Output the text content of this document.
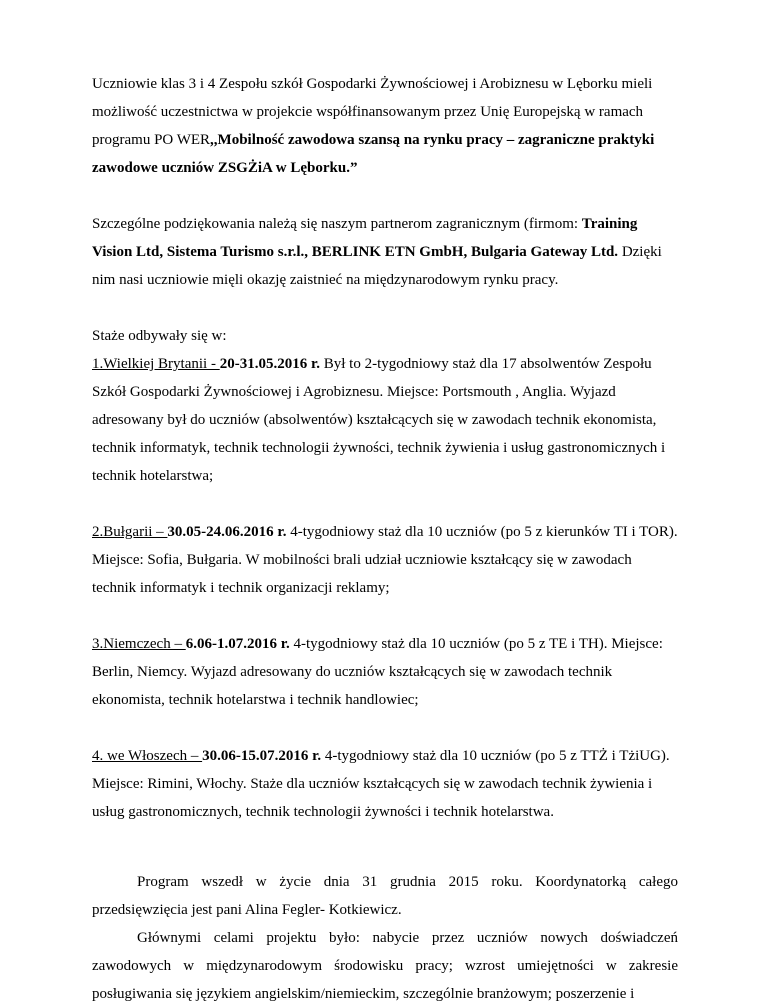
Uczniowie klas 3 i 4 Zespołu szkół Gospodarki Żywnościowej i Arobiznesu w Lęborku mieli możliwość uczestnictwa w projekcie współfinansowanym przez Unię Europejską w ramach programu PO WER,,Mobilność zawodowa szansą na rynku pracy – zagraniczne praktyki zawodowe uczniów ZSGŻiA w Lęborku.”

Szczególne podziękowania należą się naszym partnerom zagranicznym (firmom: Training Vision Ltd, Sistema Turismo s.r.l., BERLINK ETN GmbH, Bulgaria Gateway Ltd. Dzięki nim nasi uczniowie mięli okazję zaistnieć na międzynarodowym rynku pracy.

Staże odbywały się w:

1.Wielkiej Brytanii - 20-31.05.2016 r. Był to 2-tygodniowy staż dla 17 absolwentów Zespołu Szkół Gospodarki Żywnościowej i Agrobiznesu. Miejsce: Portsmouth , Anglia. Wyjazd adresowany był do uczniów (absolwentów) kształcących się w zawodach technik ekonomista, technik informatyk, technik technologii żywności, technik żywienia i usług gastronomicznych i technik hotelarstwa;

2.Bułgarii – 30.05-24.06.2016 r. 4-tygodniowy staż dla 10 uczniów (po 5 z kierunków TI i TOR). Miejsce: Sofia, Bułgaria. W mobilności brali udział uczniowie kształcący się w zawodach technik informatyk i technik organizacji reklamy;

3.Niemczech – 6.06-1.07.2016 r. 4-tygodniowy staż dla 10 uczniów (po 5 z TE i TH). Miejsce: Berlin, Niemcy. Wyjazd adresowany do uczniów kształcących się w zawodach technik ekonomista, technik hotelarstwa i technik handlowiec;

4. we Włoszech – 30.06-15.07.2016 r. 4-tygodniowy staż dla 10 uczniów (po 5 z TTŻ i TżiUG). Miejsce: Rimini, Włochy. Staże dla uczniów kształcących się w zawodach technik żywienia i usług gastronomicznych, technik technologii żywności i technik hotelarstwa.

Program wszedł w życie dnia 31 grudnia 2015 roku. Koordynatorką całego przedsięwzięcia jest pani Alina Fegler- Kotkiewicz.

Głównymi celami projektu było: nabycie przez uczniów nowych doświadczeń zawodowych w międzynarodowym środowisku pracy; wzrost umiejętności w zakresie posługiwania się językiem angielskim/niemieckim, szczególnie branżowym; poszerzenie i
